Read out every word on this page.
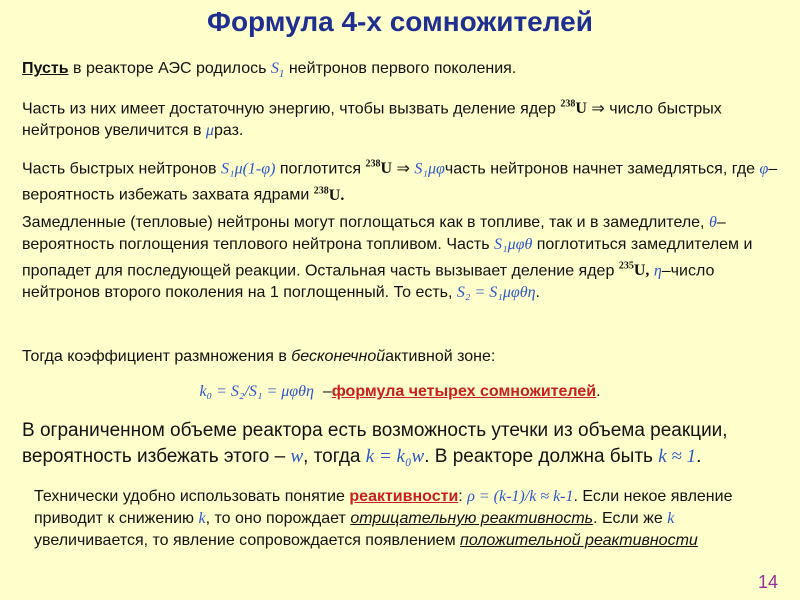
Формула 4-х сомножителей
Пусть в реакторе АЭС родилось $S_1$ нейтронов первого поколения.
Часть из них имеет достаточную энергию, чтобы вызвать деление ядер $^{238}$U ⇒ число быстрых нейтронов увеличится в μраз.
Часть быстрых нейтронов S₁μ(1-φ) поглотится $^{238}$U ⇒ S₁μφчасть нейтронов начнет замедляться, где φ–вероятность избежать захвата ядрами $^{238}$U.
Замедленные (тепловые) нейтроны могут поглощаться как в топливе, так и в замедлителе, θ–вероятность поглощения теплового нейтрона топливом. Часть S₁μφθ поглотиться замедлителем и пропадет для последующей реакции. Остальная часть вызывает деление ядер $^{235}$U, η–число нейтронов второго поколения на 1 поглощенный. То есть, S₂ = S₁μφθη.
Тогда коэффициент размножения в бесконечнойактивной зоне:
k₀ = S₂/S₁ = μφθη –формула четырех сомножителей.
В ограниченном объеме реактора есть возможность утечки из объема реакции, вероятность избежать этого – w, тогда k = k₀w. В реакторе должна быть k ≈ 1.
Технически удобно использовать понятие реактивности: ρ = (k-1)/k ≈ k-1. Если некое явление приводит к снижению k, то оно порождает отрицательную реактивность. Если же k увеличивается, то явление сопровождается появлением положительной реактивности
14
